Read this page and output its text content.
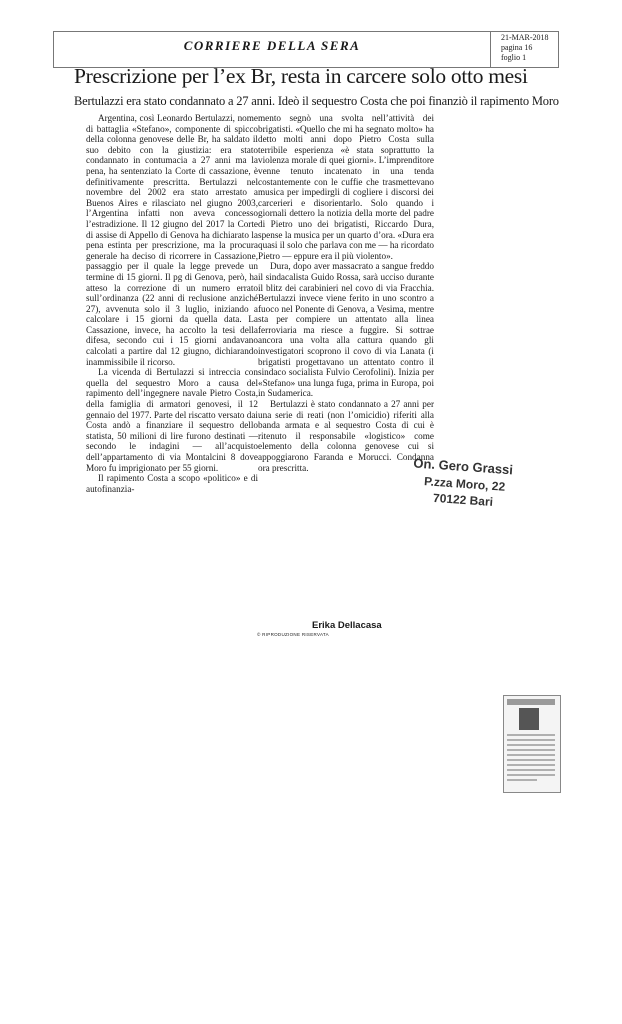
CORRIERE DELLA SERA
21-MAR-2018
pagina 16
foglio 1
Prescrizione per l’ex Br, resta in carcere solo otto mesi
Bertulazzi era stato condannato a 27 anni. Ideò il sequestro Costa che poi finanziò il rapimento Moro

Argentina, così Leonardo Bertulazzi, nome di battaglia «Stefano», componente di spicco della colonna genovese delle Br, ha saldato il suo debito con la giustizia: era stato condannato in contumacia a 27 anni ma la pena, ha sentenziato la Corte di cassazione, è definitivamente prescritta. Bertulazzi nel novembre del 2002 era stato arrestato a Buenos Aires e rilasciato nel giugno 2003, l’Argentina infatti non aveva concesso l’estradizione. Il 12 giugno del 2017 la Corte di assise di Appello di Genova ha dichiarato la pena estinta per prescrizione, ma la procura generale ha deciso di ricorrere in Cassazione, passaggio per il quale la legge prevede un termine di 15 giorni. Il pg di Genova, però, ha atteso la correzione di un numero errato sull’ordinanza (22 anni di reclusione anziché 27), avvenuta solo il 3 luglio, iniziando a calcolare i 15 giorni da quella data. La Cassazione, invece, ha accolto la tesi della difesa, secondo cui i 15 giorni andavano calcolati a partire dal 12 giugno, dichiarando inammissibile il ricorso.

La vicenda di Bertulazzi si intreccia con quella del sequestro Moro a causa del rapimento dell’ingegnere navale Pietro Costa, della famiglia di armatori genovesi, il 12 gennaio del 1977. Parte del riscatto versato dai Costa andò a finanziare il sequestro dello statista, 50 milioni di lire furono destinati — secondo le indagini — all’acquisto dell’appartamento di via Montalcini 8 dove Moro fu imprigionato per 55 giorni.

Il rapimento Costa a scopo «politico» e di autofinanzia-

mento segnò una svolta nell’attività dei brigatisti. «Quello che mi ha segnato molto» ha detto molti anni dopo Pietro Costa sulla terribile esperienza «è stata soprattutto la violenza morale di quei giorni». L’imprenditore venne tenuto incatenato in una tenda costantemente con le cuffie che trasmettevano musica per impedirgli di cogliere i discorsi dei carcerieri e disorientarlo. Solo quando i giornali dettero la notizia della morte del padre di Pietro uno dei brigatisti, Riccardo Dura, spense la musica per un quarto d’ora. «Dura era quasi il solo che parlava con me — ha ricordato Pietro — eppure era il più violento».

Dura, dopo aver massacrato a sangue freddo il sindacalista Guido Rossa, sarà ucciso durante il blitz dei carabinieri nel covo di via Fracchia. Bertulazzi invece viene ferito in uno scontro a fuoco nel Ponente di Genova, a Vesima, mentre sta per compiere un attentato alla linea ferroviaria ma riesce a fuggire. Si sottrae ancora una volta alla cattura quando gli investigatori scoprono il covo di via Lanata (i brigatisti progettavano un attentato contro il sindaco socialista Fulvio Cerofolini). Inizia per «Stefano» una lunga fuga, prima in Europa, poi in Sudamerica.

Bertulazzi è stato condannato a 27 anni per una serie di reati (non l’omicidio) riferiti alla banda armata e al sequestro Costa di cui è ritenuto il responsabile «logistico» come elemento della colonna genovese cui si appoggiarono Faranda e Morucci. Condanna ora prescritta.

Erika Dellacasa
© RIPRODUZIONE RISERVATA
On. Gero Grassi
P.zza Moro, 22
70122 Bari
